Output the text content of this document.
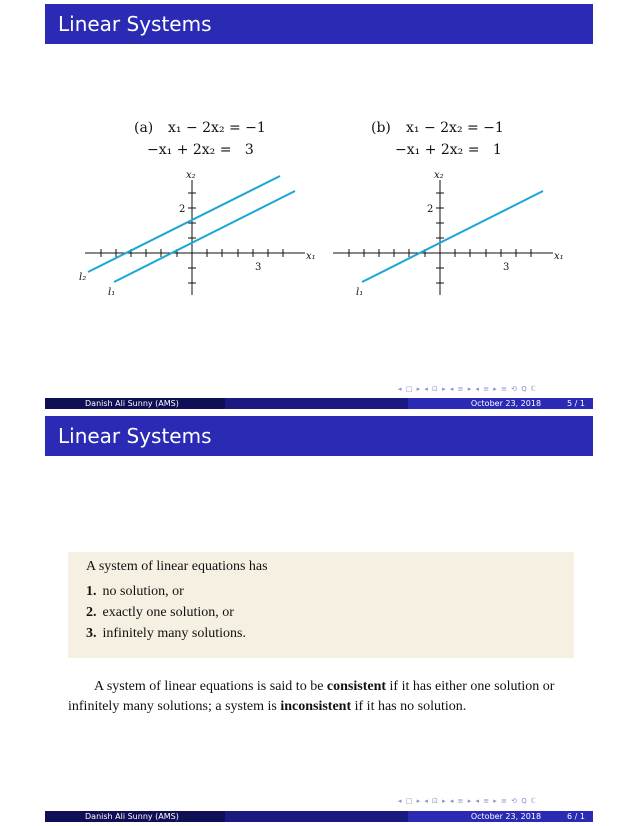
Linear Systems
(a) x₁ − 2x₂ = −1
−x₁ + 2x₂ =   3
(b) x₁ − 2x₂ = −1
−x₁ + 2x₂ =   1
2
3
x₁
x₂
l₂
l₁
2
3
x₁
x₂
l₁
◂ □ ▸ ◂ ⊡ ▸ ◂ ≡ ▸ ◂ ≡ ▸ ≡ ⟲ Q ℂ
Danish Ali Sunny (AMS)	October 23, 2018	5 / 1
Linear Systems
A system of linear equations has
1. no solution, or
2. exactly one solution, or
3. infinitely many solutions.
A system of linear equations is said to be consistent if it has either one solution or infinitely many solutions; a system is inconsistent if it has no solution.
◂ □ ▸ ◂ ⊡ ▸ ◂ ≡ ▸ ◂ ≡ ▸ ≡ ⟲ Q ℂ
Danish Ali Sunny (AMS)	October 23, 2018	6 / 1
